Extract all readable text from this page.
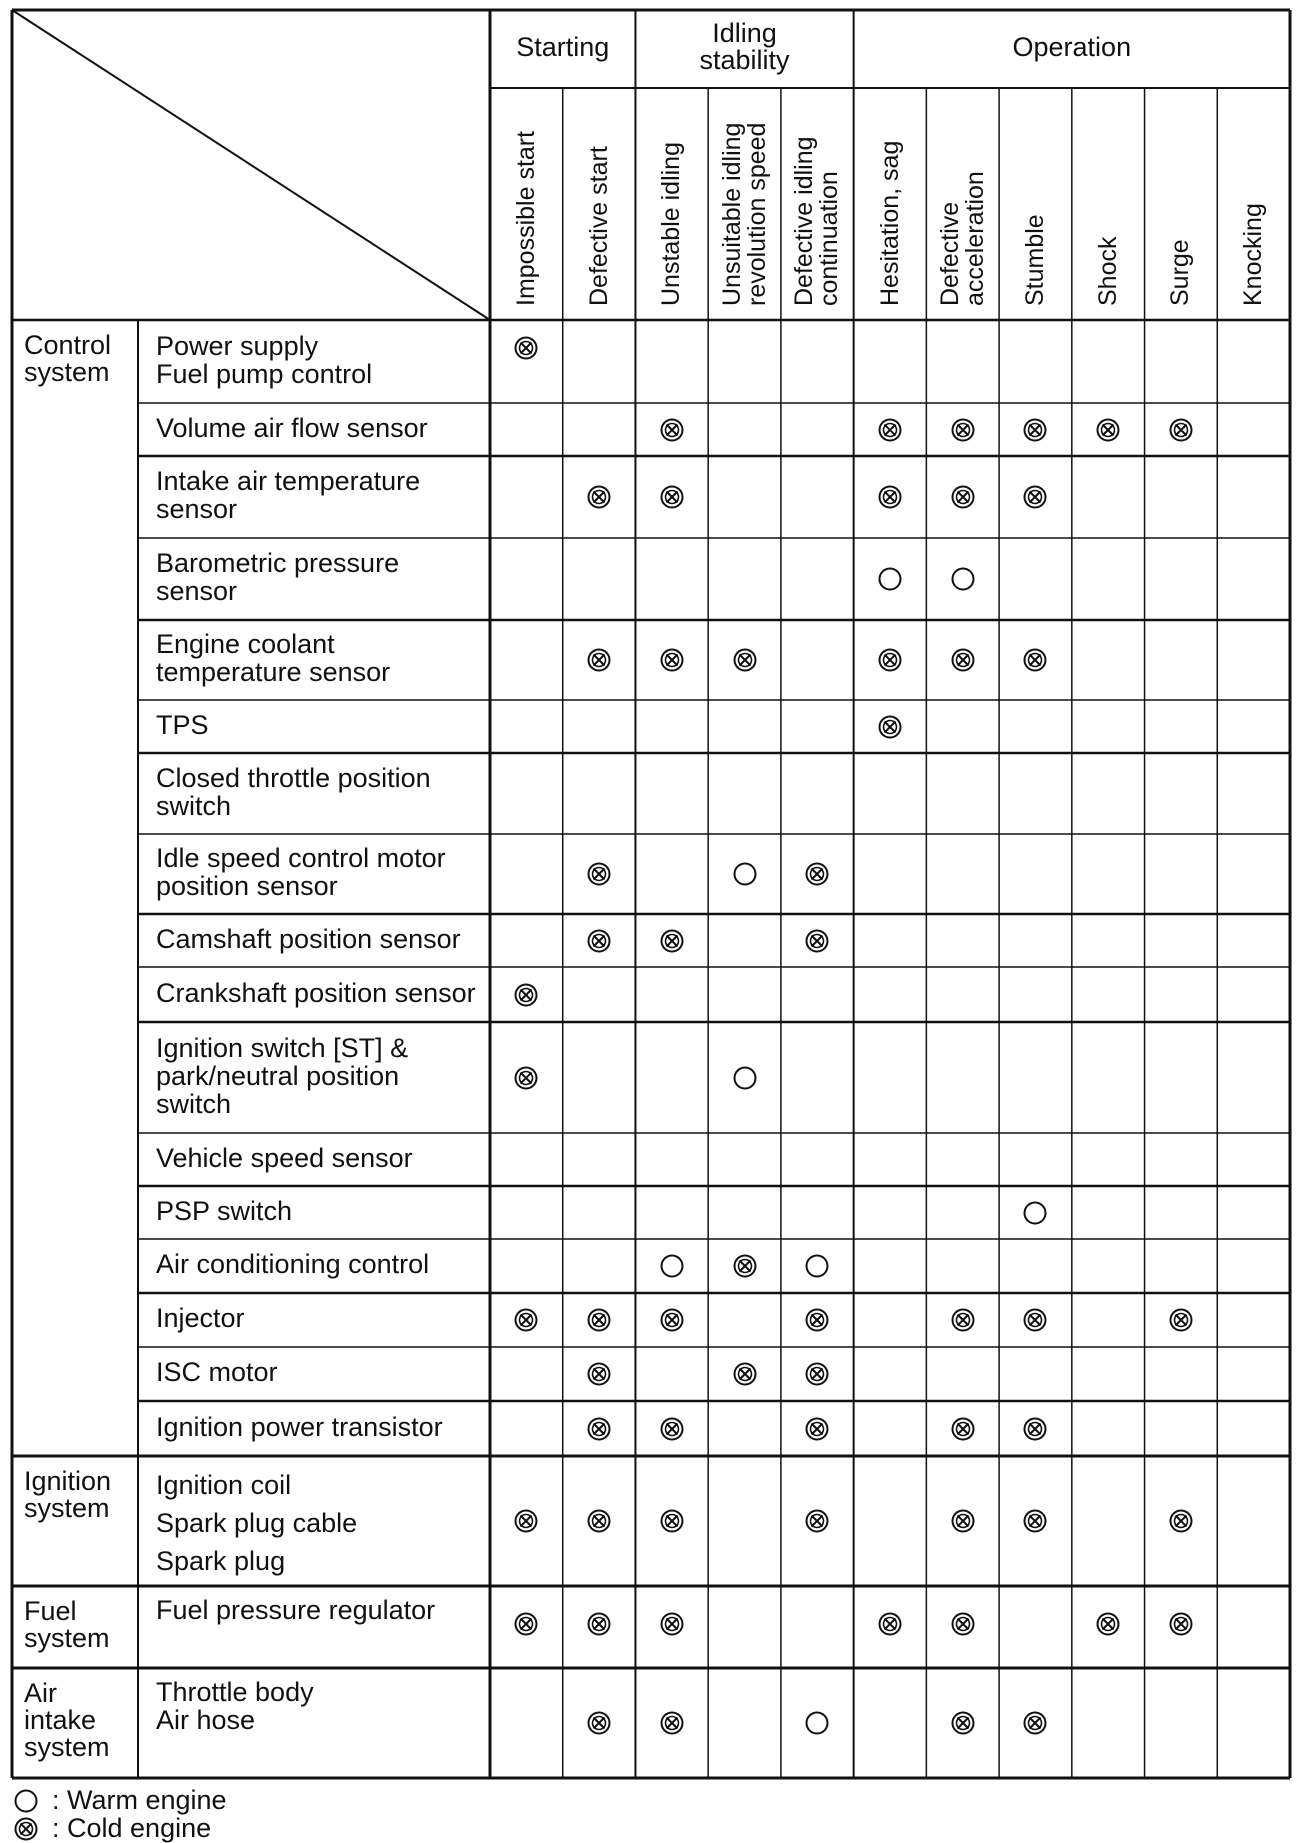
Starting	Idling
stability	Operation
Impossible start Defective start Unstable idling Unsuitable idling
revolution speed
Defective idling
continuation Hesitation, sag Defective
acceleration Stumble Shock Surge Knocking
Control
system
Ignition
system
Fuel
system
Air
intake
system
Power supply
Fuel pump control
Volume air flow sensor
Intake air temperature
sensor
Barometric pressure
sensor
Engine coolant
temperature sensor
TPS
Closed throttle position
switch
Idle speed control motor
position sensor
Camshaft position sensor
Crankshaft position sensor
Ignition switch [ST] &
park/neutral position
switch
Vehicle speed sensor
PSP switch
Air conditioning control
Injector
ISC motor
Ignition power transistor
Ignition coil
Spark plug cable
Spark plug
Fuel pressure regulator
Throttle body
Air hose
: Warm engine
: Cold engine
